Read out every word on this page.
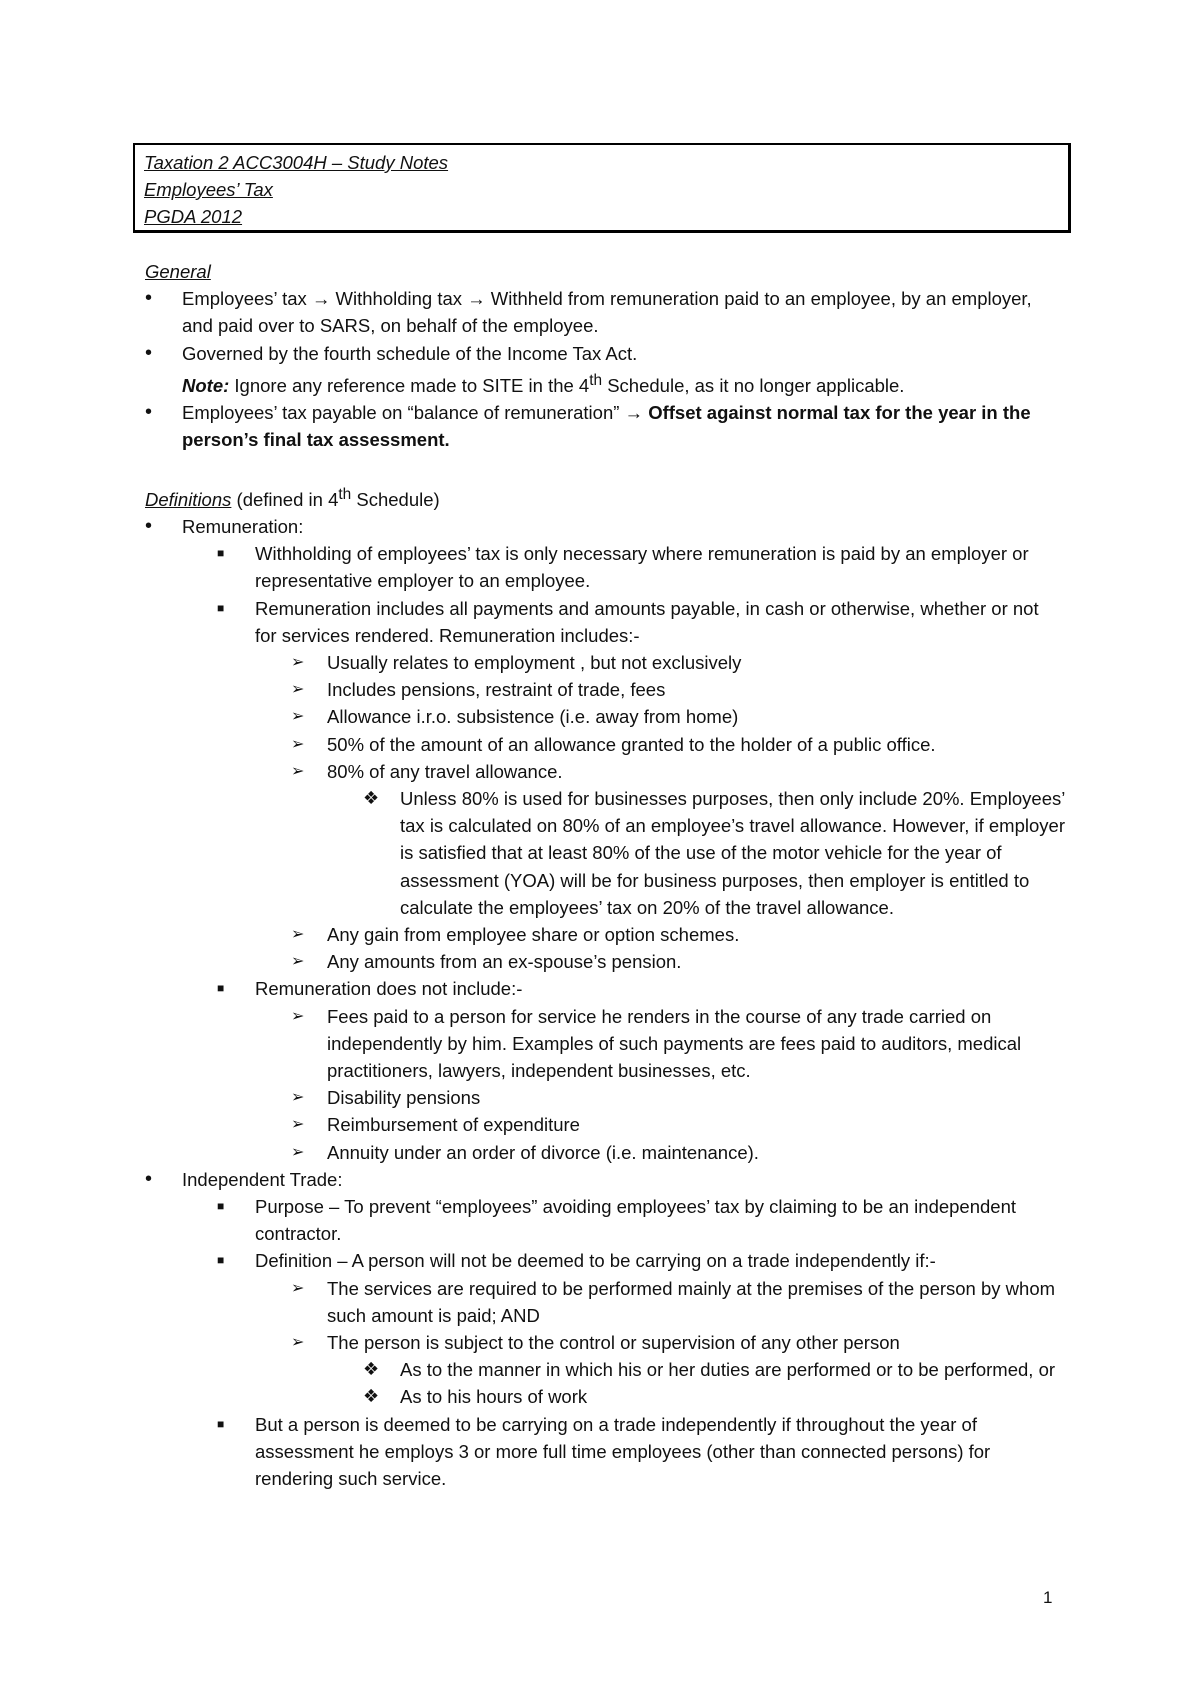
Taxation 2 ACC3004H – Study Notes
Employees’ Tax
PGDA 2012
General
• Employees’ tax → Withholding tax → Withheld from remuneration paid to an employee, by an employer, and paid over to SARS, on behalf of the employee.
• Governed by the fourth schedule of the Income Tax Act.
Note: Ignore any reference made to SITE in the 4th Schedule, as it no longer applicable.
• Employees’ tax payable on “balance of remuneration” → Offset against normal tax for the year in the person’s final tax assessment.
Definitions (defined in 4th Schedule)
• Remuneration:
■ Withholding of employees’ tax is only necessary where remuneration is paid by an employer or representative employer to an employee.
■ Remuneration includes all payments and amounts payable, in cash or otherwise, whether or not for services rendered. Remuneration includes:-
➢ Usually relates to employment , but not exclusively
➢ Includes pensions, restraint of trade, fees
➢ Allowance i.r.o. subsistence (i.e. away from home)
➢ 50% of the amount of an allowance granted to the holder of a public office.
➢ 80% of any travel allowance.
❖ Unless 80% is used for businesses purposes, then only include 20%. Employees’ tax is calculated on 80% of an employee’s travel allowance. However, if employer is satisfied that at least 80% of the use of the motor vehicle for the year of assessment (YOA) will be for business purposes, then employer is entitled to calculate the employees’ tax on 20% of the travel allowance.
➢ Any gain from employee share or option schemes.
➢ Any amounts from an ex-spouse’s pension.
■ Remuneration does not include:-
➢ Fees paid to a person for service he renders in the course of any trade carried on independently by him. Examples of such payments are fees paid to auditors, medical practitioners, lawyers, independent businesses, etc.
➢ Disability pensions
➢ Reimbursement of expenditure
➢ Annuity under an order of divorce (i.e. maintenance).
• Independent Trade:
■ Purpose – To prevent “employees” avoiding employees’ tax by claiming to be an independent contractor.
■ Definition – A person will not be deemed to be carrying on a trade independently if:-
➢ The services are required to be performed mainly at the premises of the person by whom such amount is paid; AND
➢ The person is subject to the control or supervision of any other person
❖ As to the manner in which his or her duties are performed or to be performed, or
❖ As to his hours of work
■ But a person is deemed to be carrying on a trade independently if throughout the year of assessment he employs 3 or more full time employees (other than connected persons) for rendering such service.
1
